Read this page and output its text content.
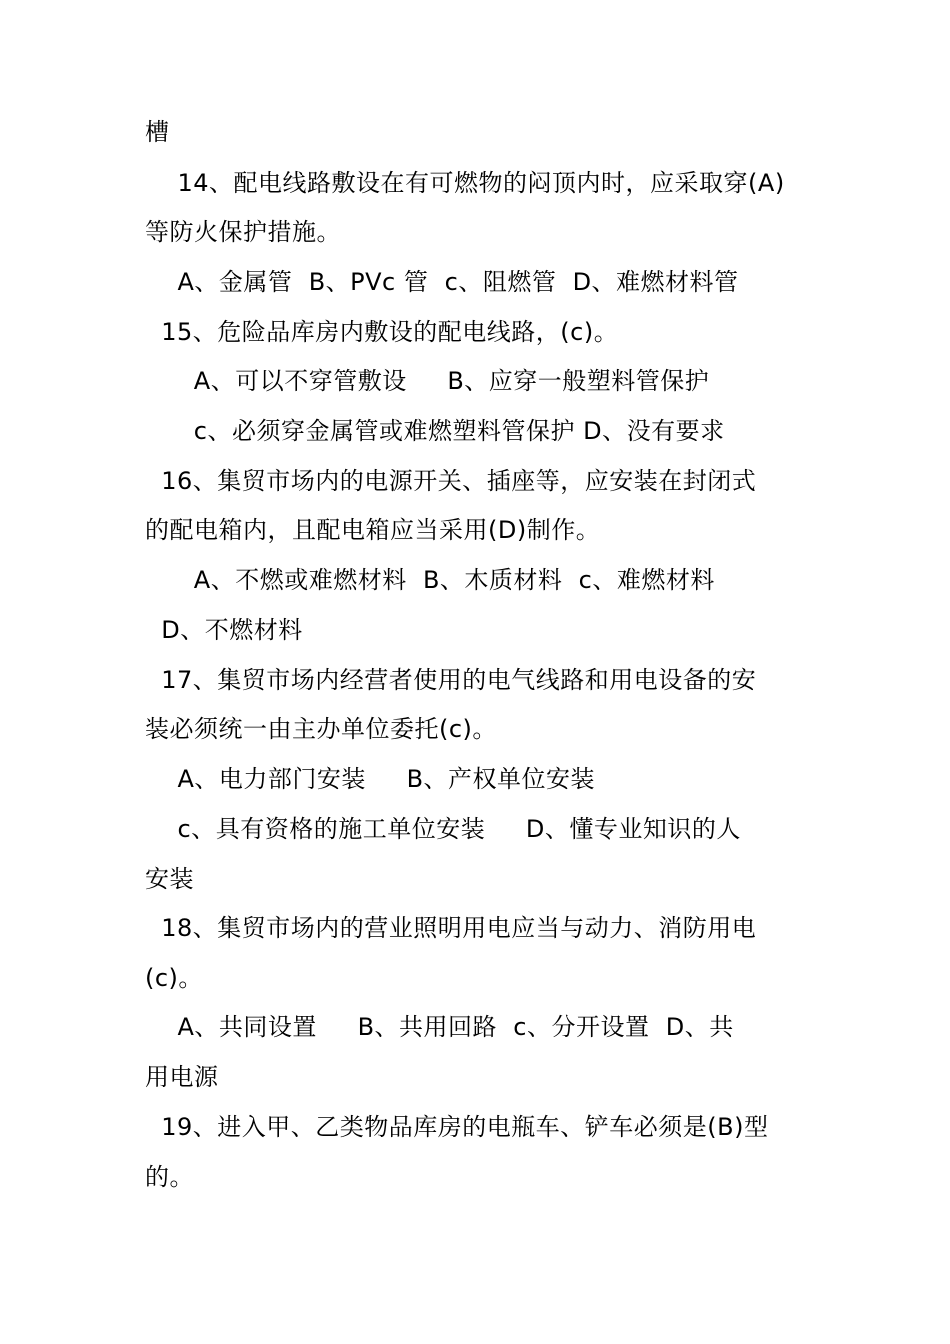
槽
14、配电线路敷设在有可燃物的闷顶内时，应采取穿(A)
等防火保护措施。
A、金属管  B、PVc 管  c、阻燃管  D、难燃材料管
15、危险品库房内敷设的配电线路，(c)。
A、可以不穿管敷设     B、应穿一般塑料管保护
c、必须穿金属管或难燃塑料管保护 D、没有要求
16、集贸市场内的电源开关、插座等，应安装在封闭式
的配电箱内，且配电箱应当采用(D)制作。
A、不燃或难燃材料  B、木质材料  c、难燃材料
D、不燃材料
17、集贸市场内经营者使用的电气线路和用电设备的安
装必须统一由主办单位委托(c)。
A、电力部门安装     B、产权单位安装
c、具有资格的施工单位安装     D、懂专业知识的人
安装
18、集贸市场内的营业照明用电应当与动力、消防用电
(c)。
A、共同设置     B、共用回路  c、分开设置  D、共
用电源
19、进入甲、乙类物品库房的电瓶车、铲车必须是(B)型
的。
